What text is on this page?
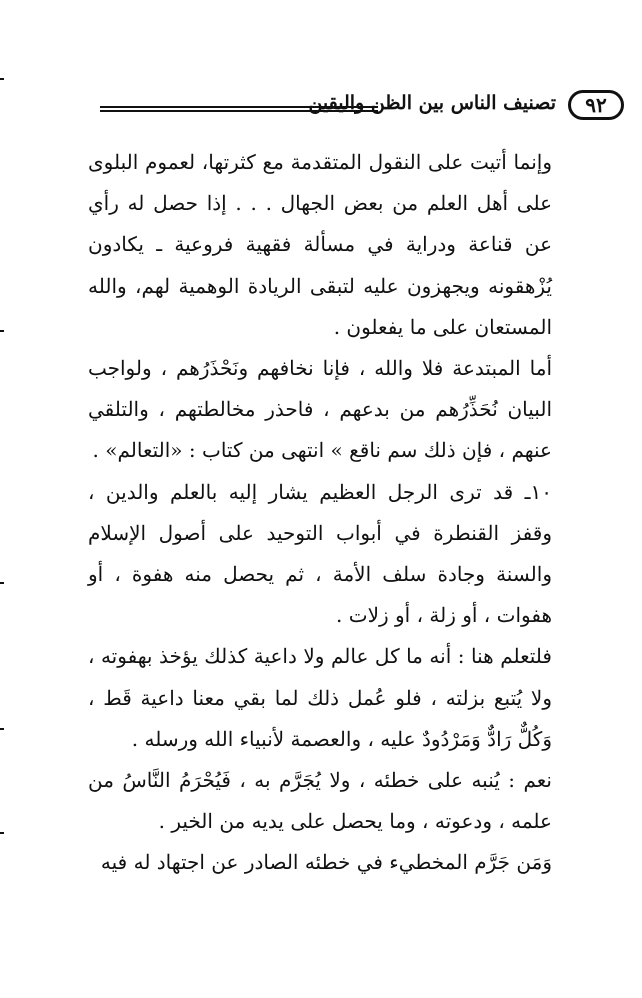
٩٢
تصنيف الناس بين الظن واليقين

وإنما أتيت على النقول المتقدمة مع كثرتها، لعموم البلوى على أهل العلم من بعض الجهال . . . إذا حصل له رأي عن قناعة ودراية في مسألة فقهية فروعية ـ يكادون يُزْهقونه ويجهزون عليه لتبقى الريادة الوهمية لهم، والله المستعان على ما يفعلون .

أما المبتدعة فلا والله ، فإنا نخافهم ونَحْذَرُهم ، ولواجب البيان نُحَذِّرُهم من بدعهم ، فاحذر مخالطتهم ، والتلقي عنهم ، فإن ذلك سم ناقع » انتهى من كتاب : «التعالم» .

١٠ـ قد ترى الرجل العظيم يشار إليه بالعلم والدين ، وقفز القنطرة في أبواب التوحيد على أصول الإسلام والسنة وجادة سلف الأمة ، ثم يحصل منه هفوة ، أو هفوات ، أو زلة ، أو زلات .

فلتعلم هنا : أنه ما كل عالم ولا داعية كذلك يؤخذ بهفوته ، ولا يُتبع بزلته ، فلو عُمل ذلك لما بقي معنا داعية قَط ، وَكُلٌّ رَادٌّ وَمَرْدُودٌ عليه ، والعصمة لأنبياء الله ورسله .

نعم : يُنبه على خطئه ، ولا يُجَرَّم به ، فَيُحْرَمُ النَّاسُ من علمه ، ودعوته ، وما يحصل على يديه من الخير .

وَمَن جَرَّم المخطيء في خطئه الصادر عن اجتهاد له فيه
